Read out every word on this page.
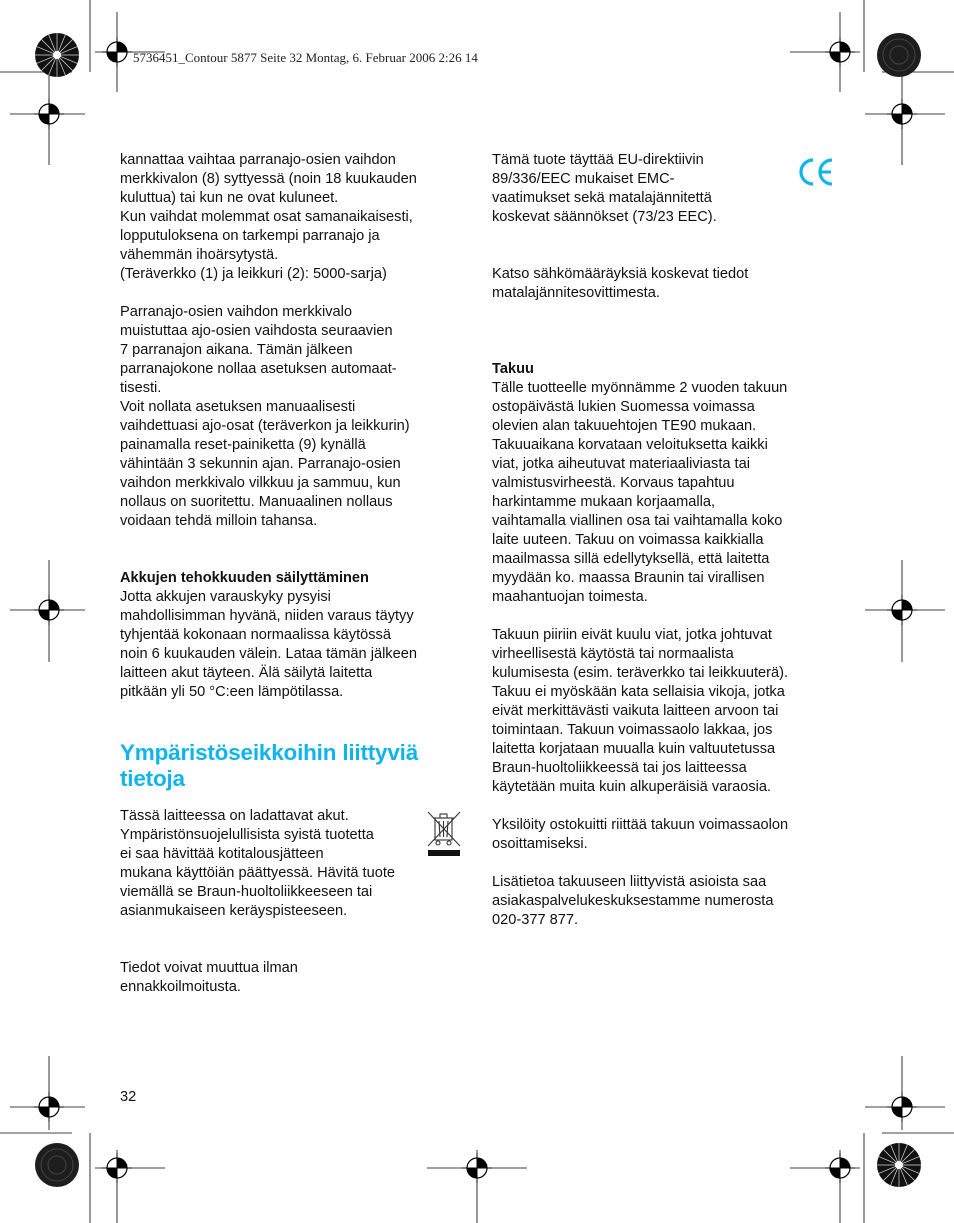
5736451_Contour 5877 Seite 32 Montag, 6. Februar 2006 2:26 14

kannattaa vaihtaa parranajo-osien vaihdon
merkkivalon (8) syttyessä (noin 18 kuukauden
kuluttua) tai kun ne ovat kuluneet.
Kun vaihdat molemmat osat samanaikaisesti,
lopputuloksena on tarkempi parranajo ja
vähemmän ihoärsytystä.
(Teräverkko (1) ja leikkuri (2): 5000-sarja)

Parranajo-osien vaihdon merkkivalo
muistuttaa ajo-osien vaihdosta seuraavien
7 parranajon aikana. Tämän jälkeen
parranajokone nollaa asetuksen automaat-
tisesti.
Voit nollata asetuksen manuaalisesti
vaihdettuasi ajo-osat (teräverkon ja leikkurin)
painamalla reset-painiketta (9) kynällä
vähintään 3 sekunnin ajan. Parranajo-osien
vaihdon merkkivalo vilkkuu ja sammuu, kun
nollaus on suoritettu. Manuaalinen nollaus
voidaan tehdä milloin tahansa.

Akkujen tehokkuuden säilyttäminen

Jotta akkujen varauskyky pysyisi
mahdollisimman hyvänä, niiden varaus täytyy
tyhjentää kokonaan normaalissa käytössä
noin 6 kuukauden välein. Lataa tämän jälkeen
laitteen akut täyteen. Älä säilytä laitetta
pitkään yli 50 °C:een lämpötilassa.

Ympäristöseikkoihin liittyviä
tietoja

Tässä laitteessa on ladattavat akut.
Ympäristönsuojelullisista syistä tuotetta
ei saa hävittää kotitalousjätteen
mukana käyttöiän päättyessä. Hävitä tuote
viemällä se Braun-huoltoliikkeeseen tai
asianmukaiseen keräyspisteeseen.

Tiedot voivat muuttua ilman
ennakkoilmoitusta.

Tämä tuote täyttää EU-direktiivin
89/336/EEC mukaiset EMC-
vaatimukset sekä matalajännitettä
koskevat säännökset (73/23 EEC).

Katso sähkömääräyksiä koskevat tiedot
matalajännitesovittimesta.

Takuu

Tälle tuotteelle myönnämme 2 vuoden takuun
ostopäivästä lukien Suomessa voimassa
olevien alan takuuehtojen TE90 mukaan.
Takuuaikana korvataan veloituksetta kaikki
viat, jotka aiheutuvat materiaaliviasta tai
valmistusvirheestä. Korvaus tapahtuu
harkintamme mukaan korjaamalla,
vaihtamalla viallinen osa tai vaihtamalla koko
laite uuteen. Takuu on voimassa kaikkialla
maailmassa sillä edellytyksellä, että laitetta
myydään ko. maassa Braunin tai virallisen
maahantuojan toimesta.

Takuun piiriin eivät kuulu viat, jotka johtuvat
virheellisestä käytöstä tai normaalista
kulumisesta (esim. teräverkko tai leikkuuterä).
Takuu ei myöskään kata sellaisia vikoja, jotka
eivät merkittävästi vaikuta laitteen arvoon tai
toimintaan. Takuun voimassaolo lakkaa, jos
laitetta korjataan muualla kuin valtuutetussa
Braun-huoltoliikkeessä tai jos laitteessa
käytetään muita kuin alkuperäisiä varaosia.

Yksilöity ostokuitti riittää takuun voimassaolon
osoittamiseksi.

Lisätietoa takuuseen liittyvistä asioista saa
asiakaspalvelukeskuksestamme numerosta
020-377 877.

32
